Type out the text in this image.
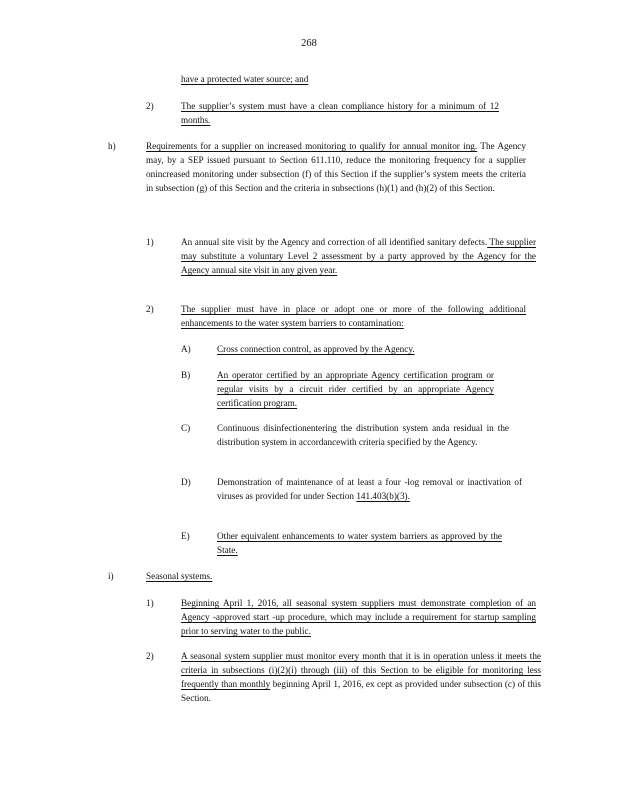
268
have a protected water source; and
2)	The supplier’s system must have a clean compliance history for a minimum of 12 months.
h)	Requirements for a supplier on increased monitoring to qualify for annual monitor ing. The Agency may, by a SEP issued pursuant to Section 611.110, reduce the monitoring frequency for a supplier onincreased monitoring under subsection (f) of this Section if the supplier’s system meets the criteria in subsection (g) of this Section and the criteria in subsections (h)(1) and (h)(2) of this Section.
1)	An annual site visit by the Agency and correction of all identified sanitary defects. The supplier may substitute a voluntary Level 2 assessment by a party approved by the Agency for the Agency annual site visit in any given year.
2)	The supplier must have in place or adopt one or more of the following additional enhancements to the water system barriers to contamination:
A)	Cross connection control, as approved by the Agency.
B)	An operator certified by an appropriate Agency certification program or regular visits by a circuit rider certified by an appropriate Agency certification program.
C)	Continuous disinfectionentering the distribution system anda residual in the distribution system in accordancewith criteria specified by the Agency.
D)	Demonstration of maintenance of at least a four -log removal or inactivation of viruses as provided for under Section 141.403(b)(3).
E)	Other equivalent enhancements to water system barriers as approved by the State.
i)	Seasonal systems.
1)	Beginning April 1, 2016, all seasonal system suppliers must demonstrate completion of an Agency -approved start -up procedure, which may include a requirement for startup sampling prior to serving water to the public.
2)	A seasonal system supplier must monitor every month that it is in operation unless it meets the criteria in subsections (i)(2)(i) through (iii) of this Section to be eligible for monitoring less frequently than monthly beginning April 1, 2016, ex cept as provided under subsection (c) of this Section.
